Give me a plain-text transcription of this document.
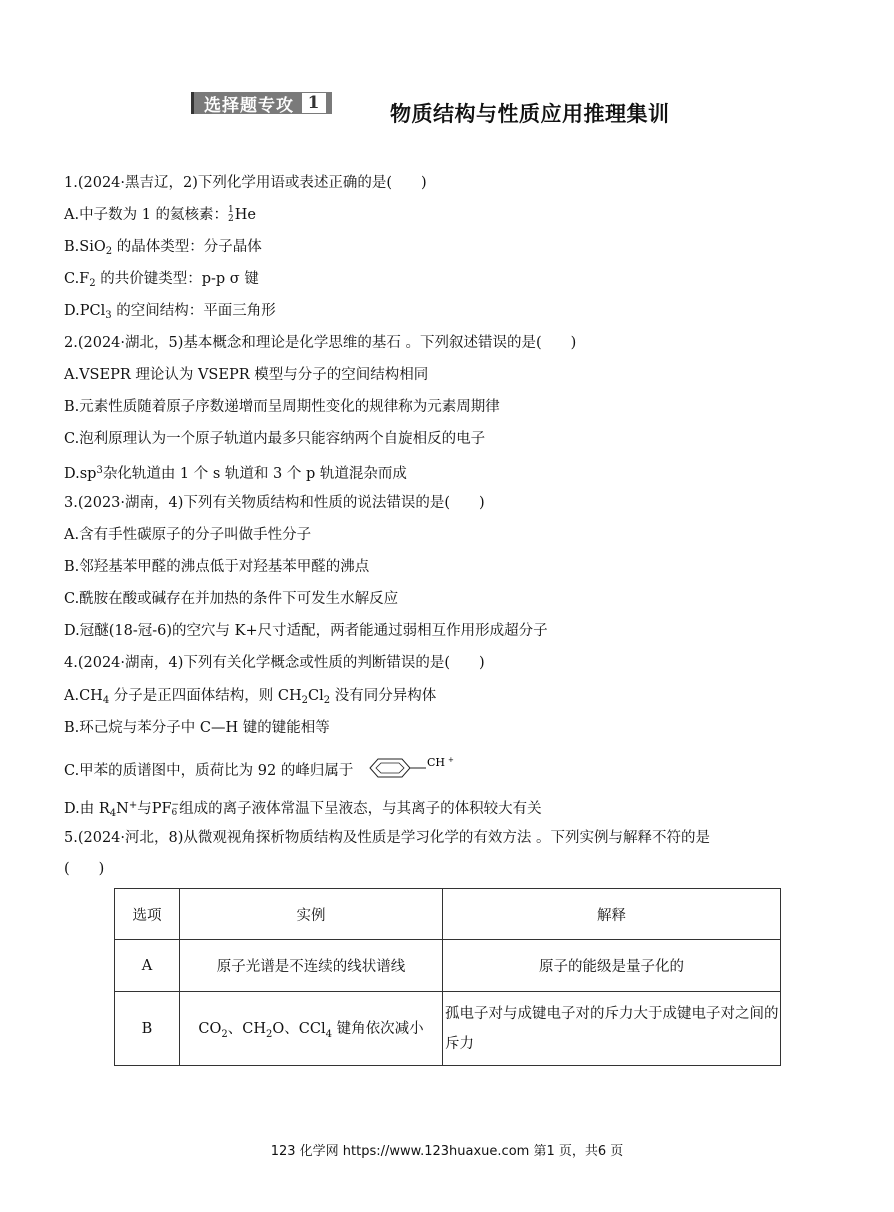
选择题专攻 1	物质结构与性质应用推理集训
1.(2024·黑吉辽，2)下列化学用语或表述正确的是(　　)
A.中子数为 1 的氦核素： 1
2 He
B.SiO$_2$ 的晶体类型：分子晶体
$C.F_2$ 的共价键类型：p-p σ 键
D.PCl$_3$ 的空间结构：平面三角形
2.(2024·湖北，5)基本概念和理论是化学思维的基石 。下列叙述错误的是(　　)
A.VSEPR 理论认为 VSEPR 模型与分子的空间结构相同
B.元素性质随着原子序数递增而呈周期性变化的规律称为元素周期律
C.泡利原理认为一个原子轨道内最多只能容纳两个自旋相反的电子
$D.sp^3$杂化轨道由 1 个 s 轨道和 3 个 p 轨道混杂而成
3.(2023·湖南，4)下列有关物质结构和性质的说法错误的是(　　)
A.含有手性碳原子的分子叫做手性分子
B.邻羟基苯甲醛的沸点低于对羟基苯甲醛的沸点
C.酰胺在酸或碱存在并加热的条件下可发生水解反应
D.冠醚(18-冠-6)的空穴与 K+尺寸适配，两者能通过弱相互作用形成超分子
4.(2024·湖南，4)下列有关化学概念或性质的判断错误的是(　　)
$A.CH_4$ 分子是正四面体结构，则 $CH_2Cl_2$ 没有同分异构体
B.环己烷与苯分子中 C—H 键的键能相等
C.甲苯的质谱图中，质荷比为 92 的峰归属于
CH +
D.由 $R_4N^+$与PF −
6 组成的离子液体常温下呈液态，与其离子的体积较大有关
5.(2024·河北，8)从微观视角探析物质结构及性质是学习化学的有效方法 。下列实例与解释不符的是
(　　)
选项	实例	解释
A	原子光谱是不连续的线状谱线	原子的能级是量子化的
B	$CO_2$、$CH_2O$、CCl$_4$ 键角依次减小	孤电子对与成键电子对的斥力大于成键电子对之间的斥力
123 化学网 https://www.123huaxue.com 第1 页，共6 页
